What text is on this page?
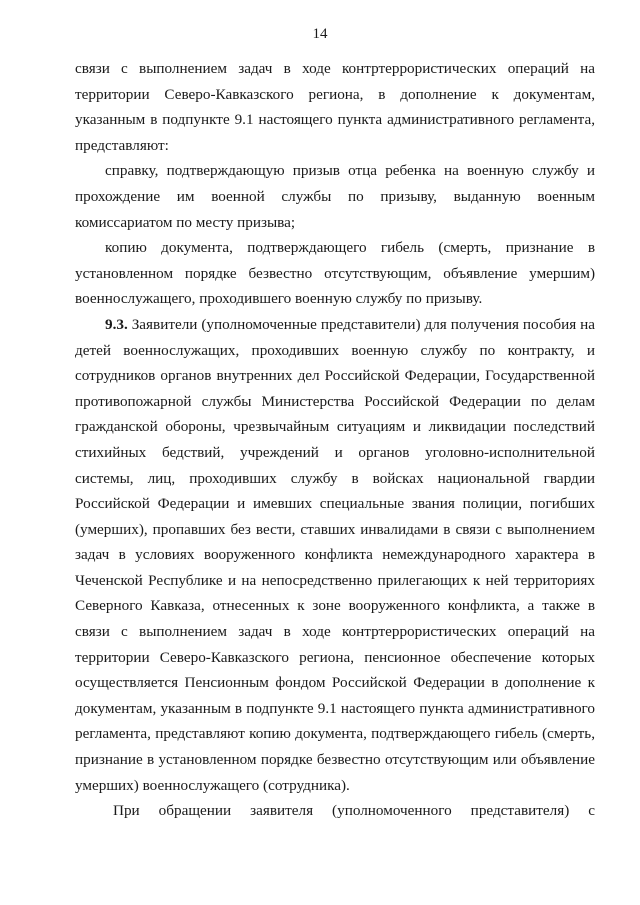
14
связи с выполнением задач в ходе контртеррористических операций на
территории Северо-Кавказского региона, в дополнение к документам,
указанным в подпункте 9.1 настоящего пункта административного регламента,
представляют:
справку, подтверждающую призыв отца ребенка на военную службу и
прохождение им военной службы по призыву, выданную военным
комиссариатом по месту призыва;
копию документа, подтверждающего гибель (смерть, признание в
установленном порядке безвестно отсутствующим, объявление умершим)
военнослужащего, проходившего военную службу по призыву.
9.3. Заявители (уполномоченные представители) для получения пособия на
детей военнослужащих, проходивших военную службу по контракту, и
сотрудников органов внутренних дел Российской Федерации, Государственной
противопожарной службы Министерства Российской Федерации по делам
гражданской обороны, чрезвычайным ситуациям и ликвидации последствий
стихийных бедствий, учреждений и органов уголовно-исполнительной
системы, лиц, проходивших службу в войсках национальной гвардии
Российской Федерации и имевших специальные звания полиции, погибших
(умерших), пропавших без вести, ставших инвалидами в связи с выполнением
задач в условиях вооруженного конфликта немеждународного характера в
Чеченской Республике и на непосредственно прилегающих к ней территориях
Северного Кавказа, отнесенных к зоне вооруженного конфликта, а также в
связи с выполнением задач в ходе контртеррористических операций на
территории Северо-Кавказского региона, пенсионное обеспечение которых
осуществляется Пенсионным фондом Российской Федерации в дополнение к
документам, указанным в подпункте 9.1 настоящего пункта административного
регламента, представляют копию документа, подтверждающего гибель (смерть,
признание в установленном порядке безвестно отсутствующим или объявление
умерших) военнослужащего (сотрудника).
При обращении заявителя (уполномоченного представителя) с
